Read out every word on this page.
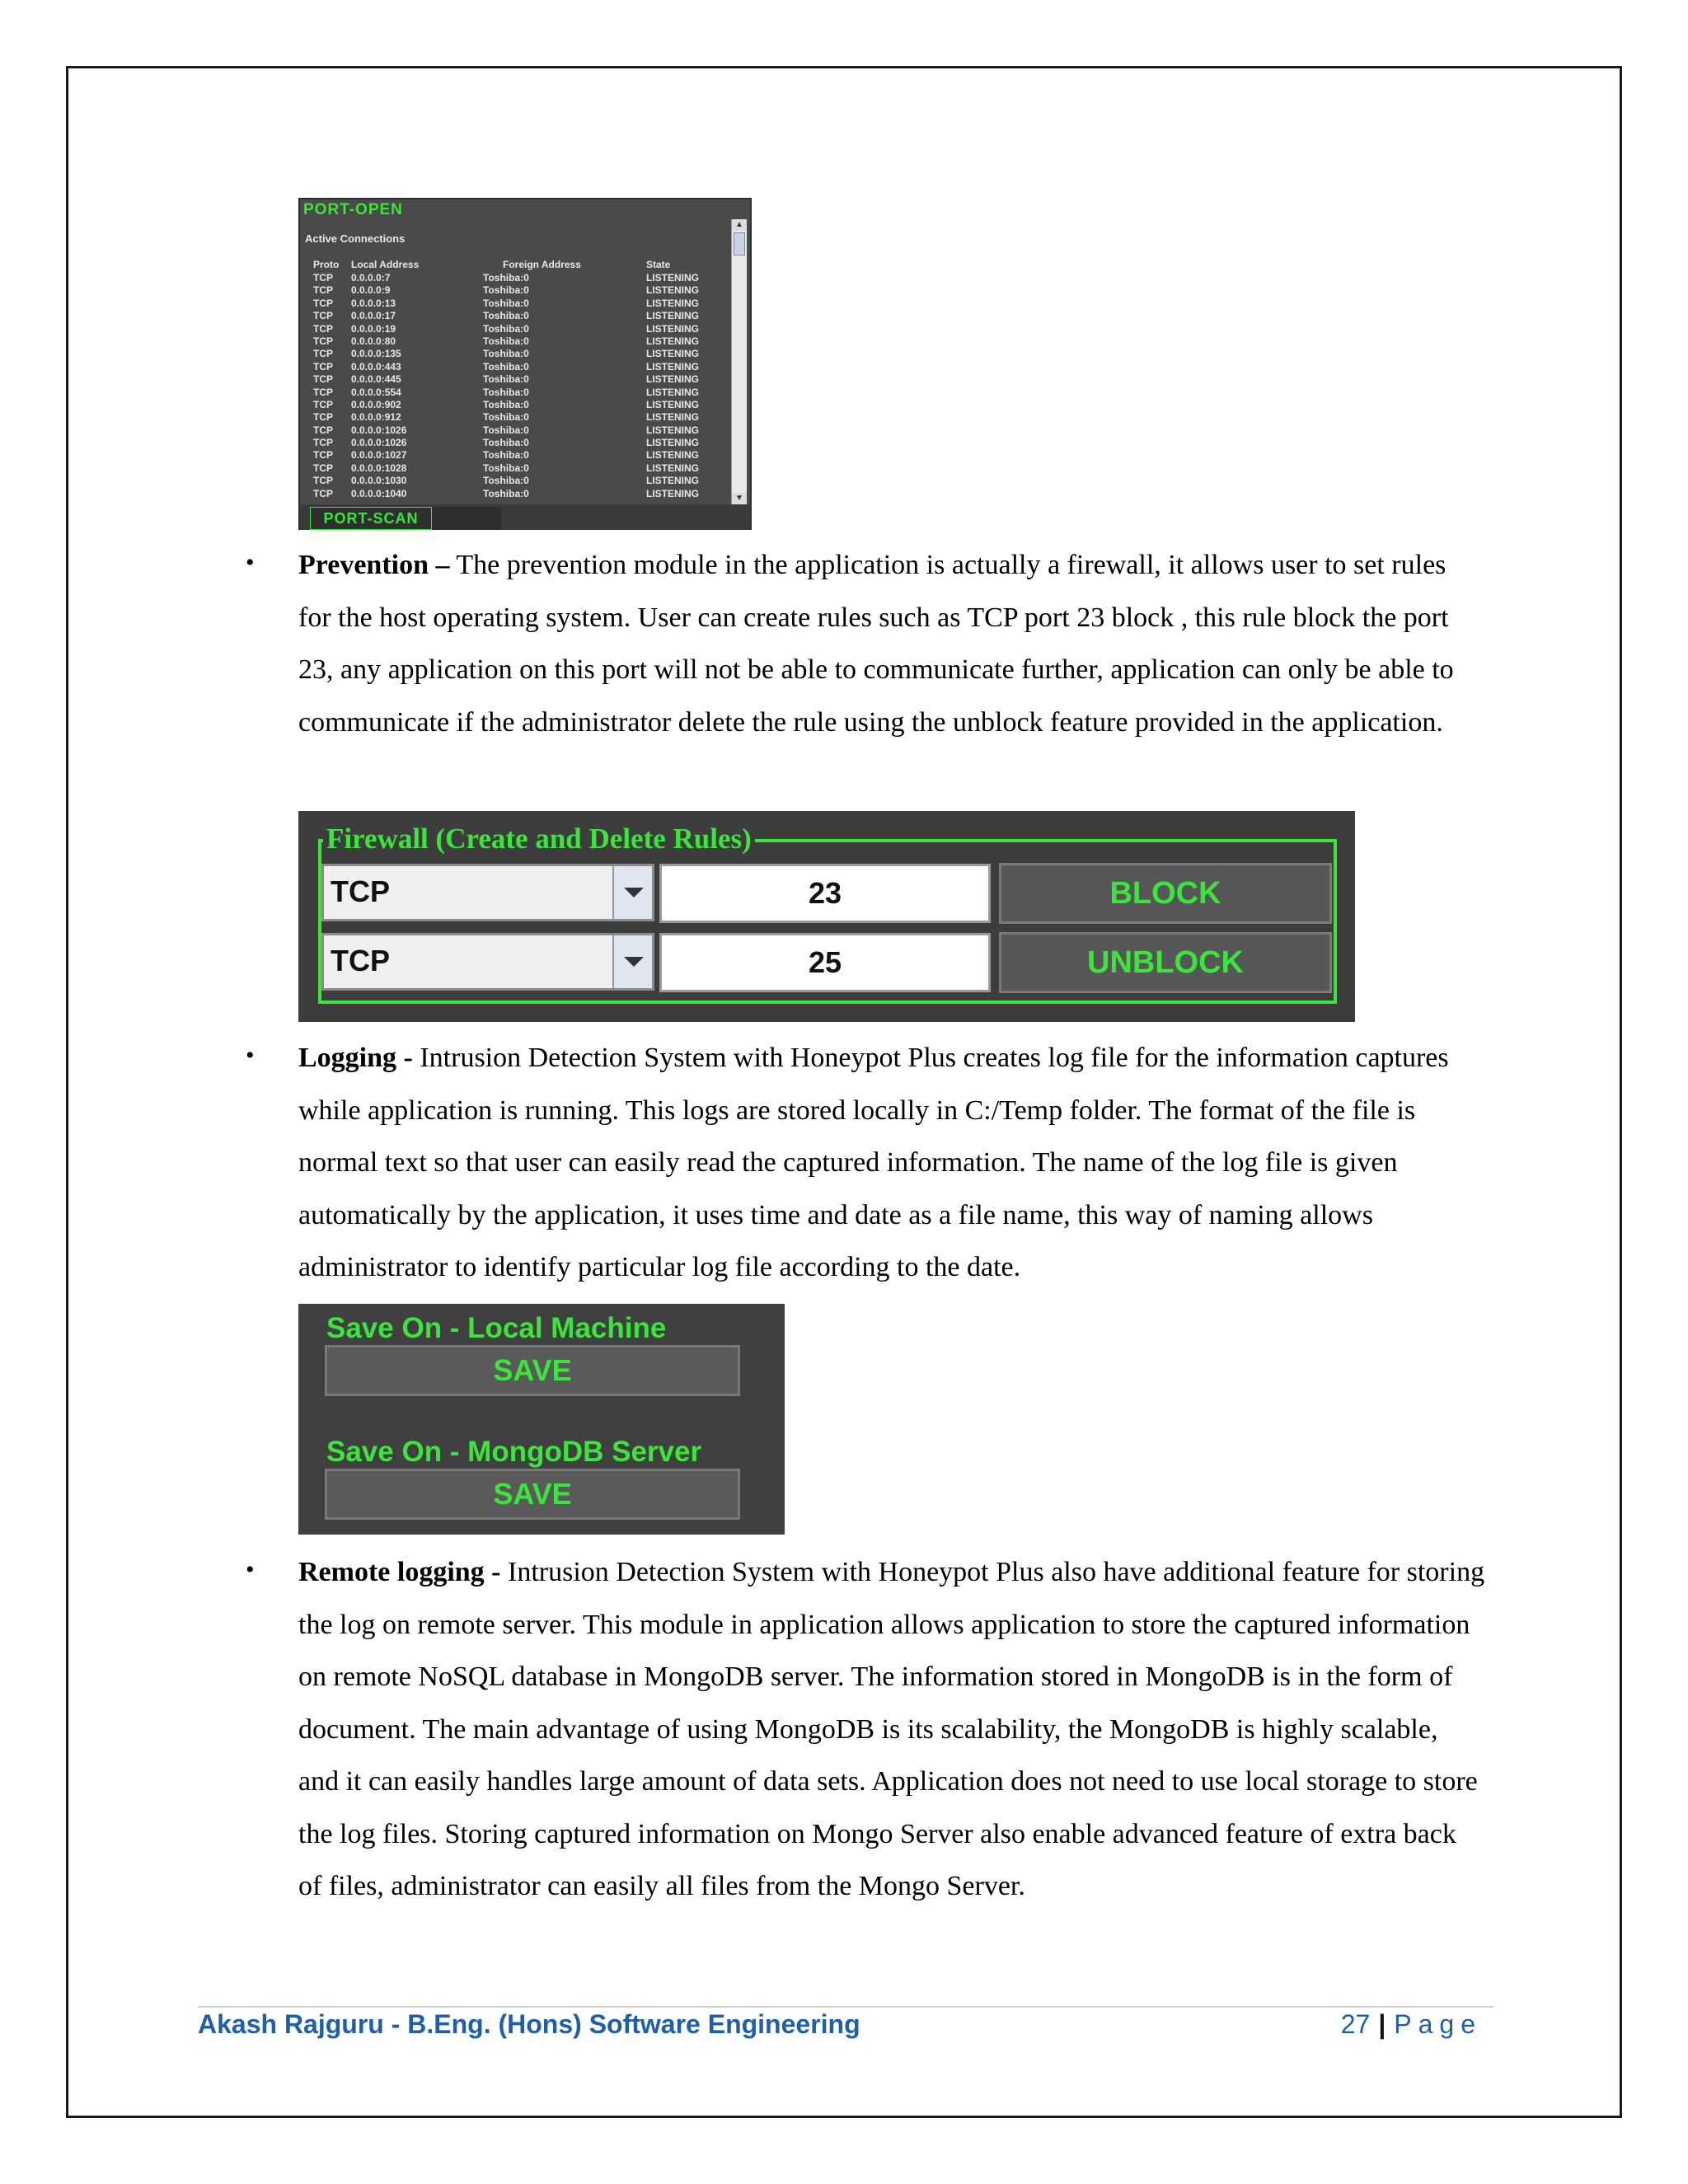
PORT-OPEN
Active Connections
Proto Local Address	Foreign Address	State
TCP 0.0.0.0:7	Toshiba:0	LISTENING
TCP 0.0.0.0:9	Toshiba:0	LISTENING
TCP 0.0.0.0:13	Toshiba:0	LISTENING
TCP 0.0.0.0:17	Toshiba:0	LISTENING
TCP 0.0.0.0:19	Toshiba:0	LISTENING
TCP 0.0.0.0:80	Toshiba:0	LISTENING
TCP 0.0.0.0:135	Toshiba:0	LISTENING
TCP 0.0.0.0:443	Toshiba:0	LISTENING
TCP 0.0.0.0:445	Toshiba:0	LISTENING
TCP 0.0.0.0:554	Toshiba:0	LISTENING
TCP 0.0.0.0:902	Toshiba:0	LISTENING
TCP 0.0.0.0:912	Toshiba:0	LISTENING
TCP 0.0.0.0:1026	Toshiba:0	LISTENING
TCP 0.0.0.0:1026	Toshiba:0	LISTENING
TCP 0.0.0.0:1027	Toshiba:0	LISTENING
TCP 0.0.0.0:1028	Toshiba:0	LISTENING
TCP 0.0.0.0:1030	Toshiba:0	LISTENING
TCP 0.0.0.0:1040	Toshiba:0	LISTENING
▲
▼
PORT-SCAN
• Prevention – The prevention module in the application is actually a firewall, it allows user to set rules for the host operating system. User can create rules such as TCP port 23 block , this rule block the port 23, any application on this port will not be able to communicate further, application can only be able to communicate if the administrator delete the rule using the unblock feature provided in the application.
Firewall (Create and Delete Rules)
TCP	23	BLOCK
TCP	25	UNBLOCK
• Logging - Intrusion Detection System with Honeypot Plus creates log file for the information captures while application is running. This logs are stored locally in C:/Temp folder. The format of the file is normal text so that user can easily read the captured information. The name of the log file is given automatically by the application, it uses time and date as a file name, this way of naming allows administrator to identify particular log file according to the date.
Save On - Local Machine
SAVE
Save On - MongoDB Server
SAVE
• Remote logging - Intrusion Detection System with Honeypot Plus also have additional feature for storing the log on remote server. This module in application allows application to store the captured information on remote NoSQL database in MongoDB server. The information stored in MongoDB is in the form of document. The main advantage of using MongoDB is its scalability, the MongoDB is highly scalable, and it can easily handles large amount of data sets. Application does not need to use local storage to store the log files. Storing captured information on Mongo Server also enable advanced feature of extra back of files, administrator can easily all files from the Mongo Server.
Akash Rajguru - B.Eng. (Hons) Software Engineering	27 | Page
